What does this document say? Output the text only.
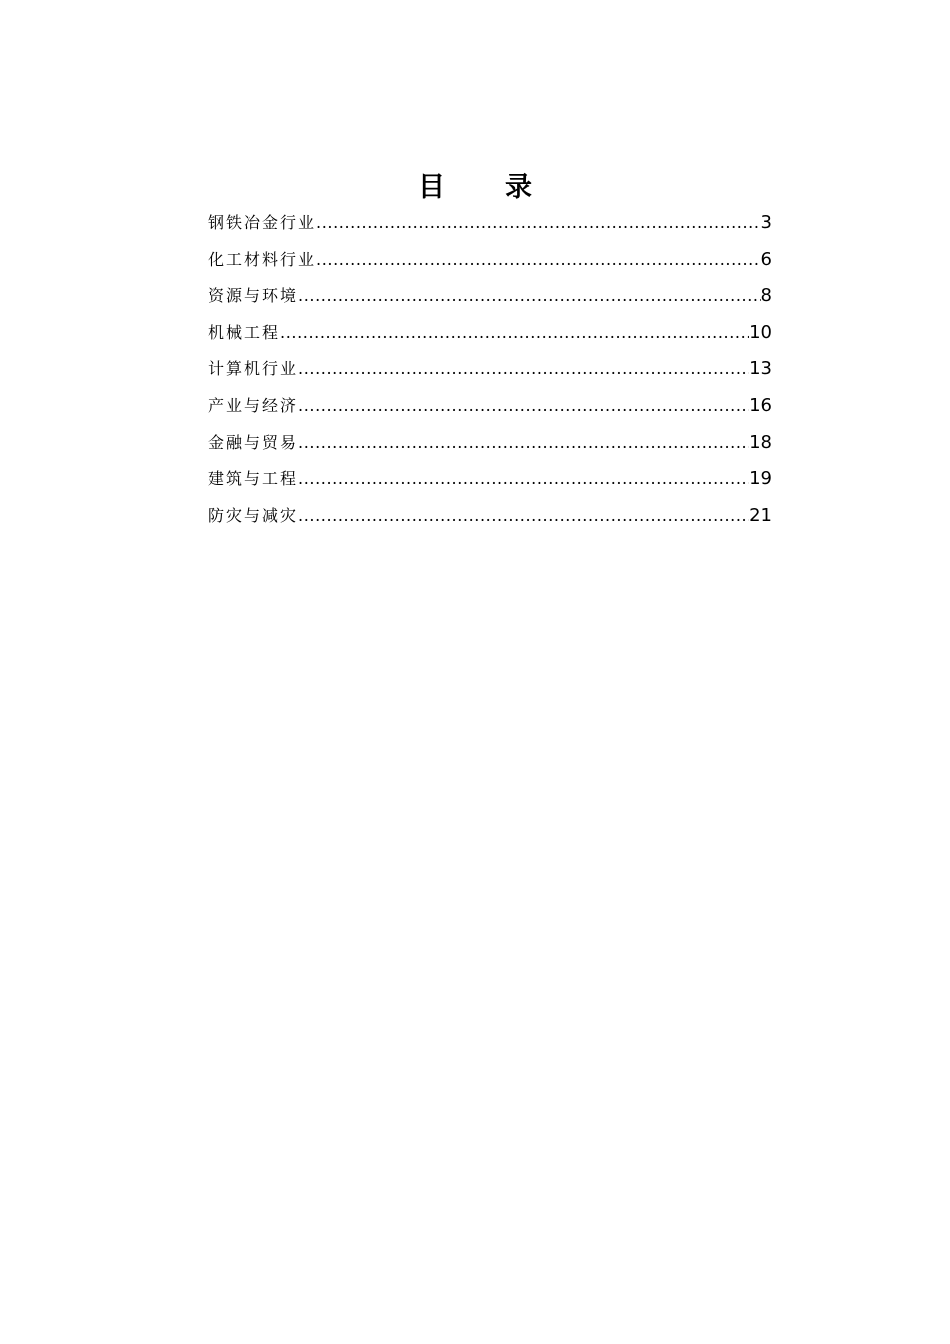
目 录
钢铁冶金行业 .....	3
化工材料行业 .....	6
资源与环境 .....	8
机械工程 .....	10
计算机行业 .....	13
产业与经济 .....	16
金融与贸易 .....	18
建筑与工程 .....	19
防灾与减灾 .....	21
